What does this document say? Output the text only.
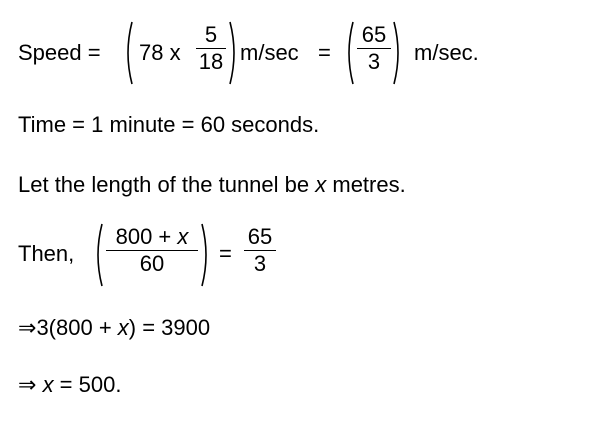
Speed = 78 x
5
18 m/sec =
65
3	m/sec.
Time = 1 minute = 60 seconds.
Let the length of the tunnel be x metres.
Then,
800 + x
60	=
65
3
⇒3(800 + x) = 3900
⇒ x = 500.
